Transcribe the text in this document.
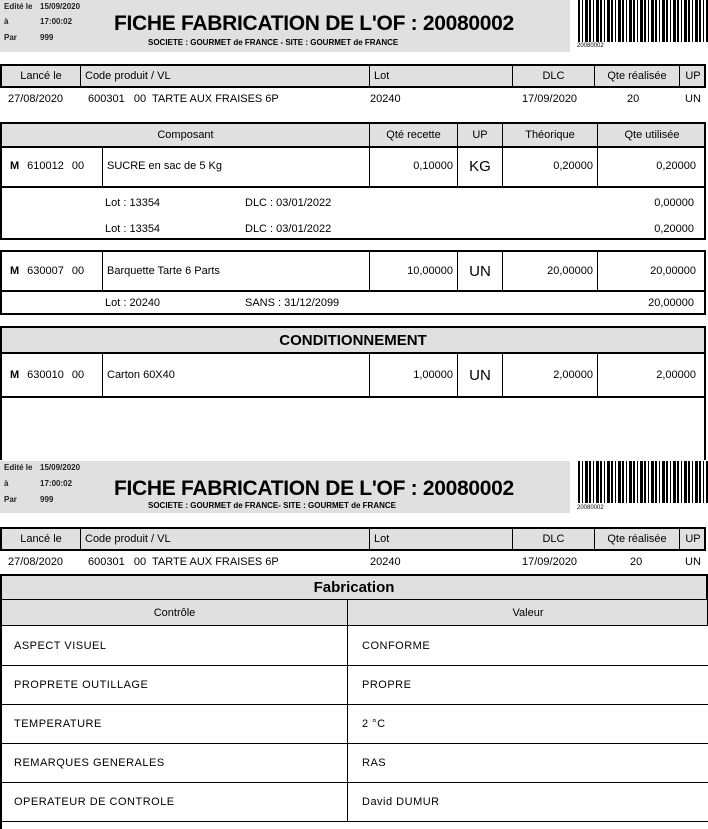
Edité le 15/09/2020
à	17:00:02
Par	999
FICHE FABRICATION DE L'OF : 20080002
SOCIETE : GOURMET de FRANCE - SITE : GOURMET de FRANCE	20080002
Lancé le	Code produit / VL	Lot	DLC	Qte réalisée	UP
27/08/2020 600301   00  TARTE AUX FRAISES 6P	20240	17/09/2020	20	UN
Composant	Qté recette	UP	Théorique	Qte utilisée
M 610012 00	SUCRE en sac de 5 Kg	0,10000	KG	0,20000	0,20000
Lot : 13354	DLC : 03/01/2022	0,00000
Lot : 13354	DLC : 03/01/2022	0,20000
M 630007 00	Barquette Tarte 6 Parts	10,00000	UN	20,00000	20,00000
Lot : 20240	SANS : 31/12/2099	20,00000
CONDITIONNEMENT
M 630010 00	Carton 60X40	1,00000	UN	2,00000	2,00000
Edité le 15/09/2020
à	17:00:02
Par	999	FICHE FABRICATION DE L'OF : 20080002
SOCIETE : GOURMET de FRANCE- SITE : GOURMET de FRANCE	20080002
Lancé le	Code produit / VL	Lot	DLC	Qte réalisée	UP
27/08/2020 600301   00  TARTE AUX FRAISES 6P	20240	17/09/2020	20	UN
Fabrication
Contrôle	Valeur
ASPECT VISUEL	CONFORME
PROPRETE OUTILLAGE	PROPRE
TEMPERATURE	2 °C
REMARQUES GENERALES	RAS
OPERATEUR DE CONTROLE	David DUMUR
